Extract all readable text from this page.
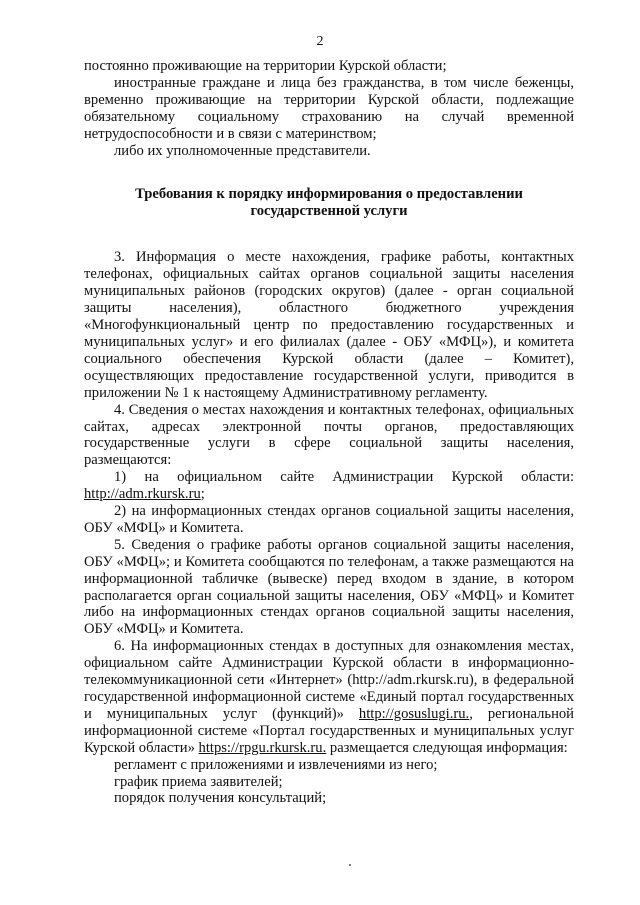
2

постоянно проживающие на территории Курской области;

иностранные граждане и лица без гражданства, в том числе беженцы, временно проживающие на территории Курской области, подлежащие обязательному социальному страхованию на случай временной нетрудоспособности и в связи с материнством;

либо их уполномоченные представители.

Требования к порядку информирования о предоставлении
государственной услуги

3. Информация о месте нахождения, графике работы, контактных телефонах, официальных сайтах органов социальной защиты населения муниципальных районов (городских округов) (далее - орган социальной защиты населения), областного бюджетного учреждения «Многофункциональный центр по предоставлению государственных и муниципальных услуг» и его филиалах (далее - ОБУ «МФЦ»), и комитета социального обеспечения Курской области (далее – Комитет), осуществляющих предоставление государственной услуги, приводится в приложении № 1 к настоящему Административному регламенту.

4. Сведения о местах нахождения и контактных телефонах, официальных сайтах, адресах электронной почты органов, предоставляющих государственные услуги в сфере социальной защиты населения, размещаются:

1) на официальном сайте Администрации Курской области: http://adm.rkursk.ru;

2) на информационных стендах органов социальной защиты населения, ОБУ «МФЦ» и Комитета.

5. Сведения о графике работы органов социальной защиты населения, ОБУ «МФЦ»; и Комитета сообщаются по телефонам, а также размещаются на информационной табличке (вывеске) перед входом в здание, в котором располагается орган социальной защиты населения, ОБУ «МФЦ» и Комитет либо на информационных стендах органов социальной защиты населения, ОБУ «МФЦ» и Комитета.

6. На информационных стендах в доступных для ознакомления местах, официальном сайте Администрации Курской области в информационно-телекоммуникационной сети «Интернет» (http://adm.rkursk.ru), в федеральной государственной информационной системе «Единый портал государственных и муниципальных услуг (функций)» http://gosuslugi.ru., региональной информационной системе «Портал государственных и муниципальных услуг Курской области» https://rpgu.rkursk.ru. размещается следующая информация:

регламент с приложениями и извлечениями из него;

график приема заявителей;

порядок получения консультаций;
